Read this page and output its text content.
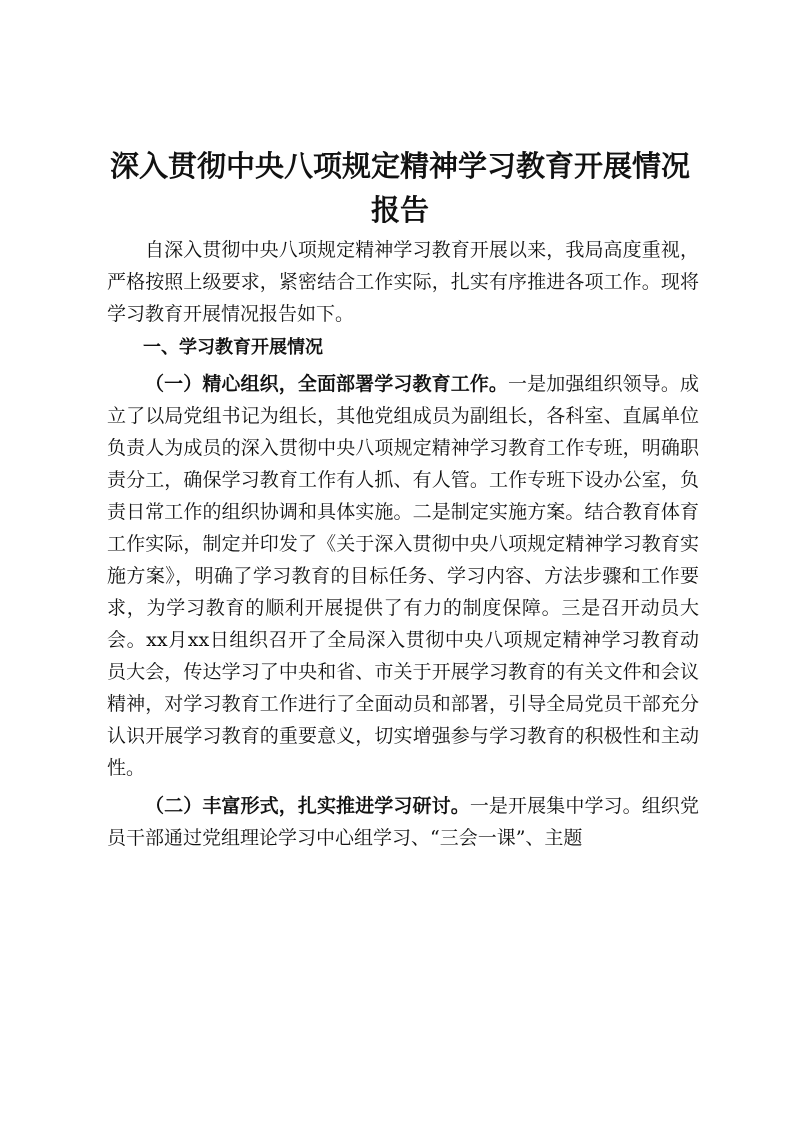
深入贯彻中央八项规定精神学习教育开展情况
报告

自深入贯彻中央八项规定精神学习教育开展以来，我局高度重视，严格按照上级要求，紧密结合工作实际，扎实有序推进各项工作。现将学习教育开展情况报告如下。

一、学习教育开展情况

（一）精心组织，全面部署学习教育工作。一是加强组织领导。成立了以局党组书记为组长，其他党组成员为副组长，各科室、直属单位负责人为成员的深入贯彻中央八项规定精神学习教育工作专班，明确职责分工，确保学习教育工作有人抓、有人管。工作专班下设办公室，负责日常工作的组织协调和具体实施。二是制定实施方案。结合教育体育工作实际，制定并印发了《关于深入贯彻中央八项规定精神学习教育实施方案》，明确了学习教育的目标任务、学习内容、方法步骤和工作要求，为学习教育的顺利开展提供了有力的制度保障。三是召开动员大会。xx月xx日组织召开了全局深入贯彻中央八项规定精神学习教育动员大会，传达学习了中央和省、市关于开展学习教育的有关文件和会议精神，对学习教育工作进行了全面动员和部署，引导全局党员干部充分认识开展学习教育的重要意义，切实增强参与学习教育的积极性和主动性。

（二）丰富形式，扎实推进学习研讨。一是开展集中学习。组织党员干部通过党组理论学习中心组学习、“三会一课”、主题
